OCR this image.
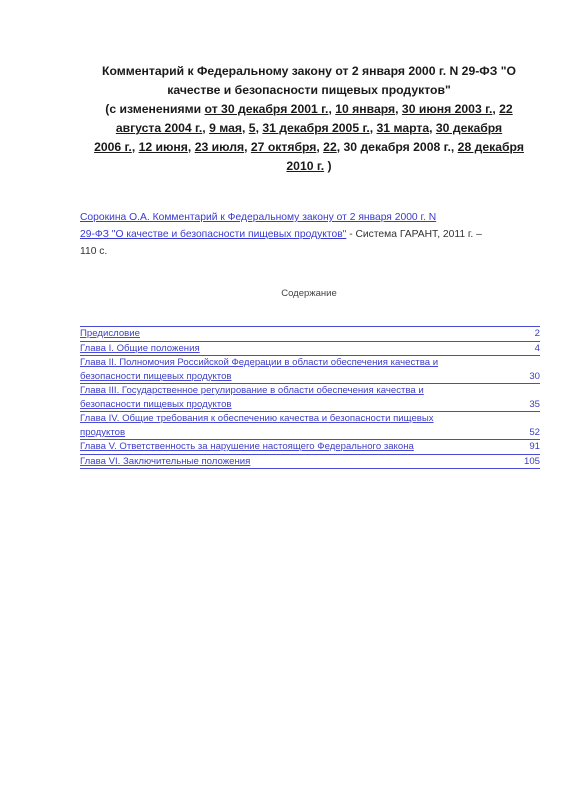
Комментарий к Федеральному закону от 2 января 2000 г. N 29-ФЗ "О
качестве и безопасности пищевых продуктов"
(с изменениями от 30 декабря 2001 г., 10 января, 30 июня 2003 г., 22
августа 2004 г., 9 мая, 5, 31 декабря 2005 г., 31 марта, 30 декабря
2006 г., 12 июня, 23 июля, 27 октября, 22, 30 декабря 2008 г., 28 декабря
2010 г. )
Сорокина О.А. Комментарий к Федеральному закону от 2 января 2000 г. N
29-ФЗ "О качестве и безопасности пищевых продуктов" - Система ГАРАНТ, 2011 г. –
110 с.
Содержание
Предисловие	2
Глава I. Общие положения	4
Глава II. Полномочия Российской Федерации в области обеспечения качества и
безопасности пищевых продуктов	30
Глава III. Государственное регулирование в области обеспечения качества и
безопасности пищевых продуктов	35
Глава IV. Общие требования к обеспечению качества и безопасности пищевых
продуктов	52
Глава V. Ответственность за нарушение настоящего Федерального закона	91
Глава VI. Заключительные положения	105
